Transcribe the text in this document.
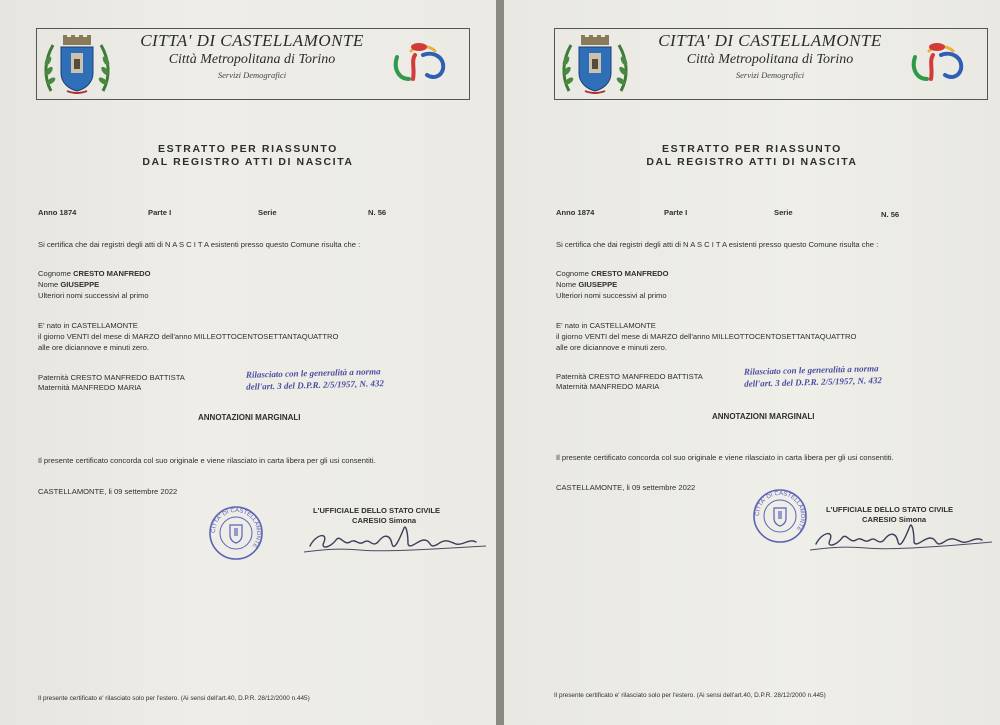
CITTA' DI CASTELLAMONTE
Città Metropolitana di Torino
Servizi Demografici
ESTRATTO PER RIASSUNTO
DAL REGISTRO ATTI DI NASCITA
Anno 1874	Parte I	Serie	N. 56
Si certifica che dai registri degli atti di N A S C I T A esistenti presso questo Comune risulta che :
Cognome CRESTO MANFREDO
Nome GIUSEPPE
Ulteriori nomi successivi al primo
E' nato in CASTELLAMONTE
il giorno VENTI del mese di MARZO dell'anno MILLEOTTOCENTOSETTANTAQUATTRO
alle ore diciannove e minuti zero.
Paternità CRESTO MANFREDO BATTISTA
Maternità MANFREDO MARIA
Rilasciato con le generalità a norma
dell'art. 3 del D.P.R. 2/5/1957, N. 432
ANNOTAZIONI MARGINALI
Il presente certificato concorda col suo originale e viene rilasciato in carta libera per gli usi consentiti.
CASTELLAMONTE, li 09 settembre 2022
L'UFFICIALE DELLO STATO CIVILE
CARESIO Simona
CITTA' DI CASTELLAMONTE
Il presente certificato e' rilasciato solo per l'estero. (Ai sensi dell'art.40, D.P.R. 28/12/2000 n.445)
CITTA' DI CASTELLAMONTE
Città Metropolitana di Torino
Servizi Demografici
ESTRATTO PER RIASSUNTO
DAL REGISTRO ATTI DI NASCITA
Anno 1874	Parte I	Serie	N. 56
Si certifica che dai registri degli atti di N A S C I T A esistenti presso questo Comune risulta che :
Cognome CRESTO MANFREDO
Nome GIUSEPPE
Ulteriori nomi successivi al primo
E' nato in CASTELLAMONTE
il giorno VENTI del mese di MARZO dell'anno MILLEOTTOCENTOSETTANTAQUATTRO
alle ore diciannove e minuti zero.
Paternità CRESTO MANFREDO BATTISTA
Maternità MANFREDO MARIA
Rilasciato con le generalità a norma
dell'art. 3 del D.P.R. 2/5/1957, N. 432
ANNOTAZIONI MARGINALI
Il presente certificato concorda col suo originale e viene rilasciato in carta libera per gli usi consentiti.
CASTELLAMONTE, li 09 settembre 2022
L'UFFICIALE DELLO STATO CIVILE
CARESIO Simona
CITTA' DI CASTELLAMONTE
Il presente certificato e' rilasciato solo per l'estero. (Ai sensi dell'art.40, D.P.R. 28/12/2000 n.445)
